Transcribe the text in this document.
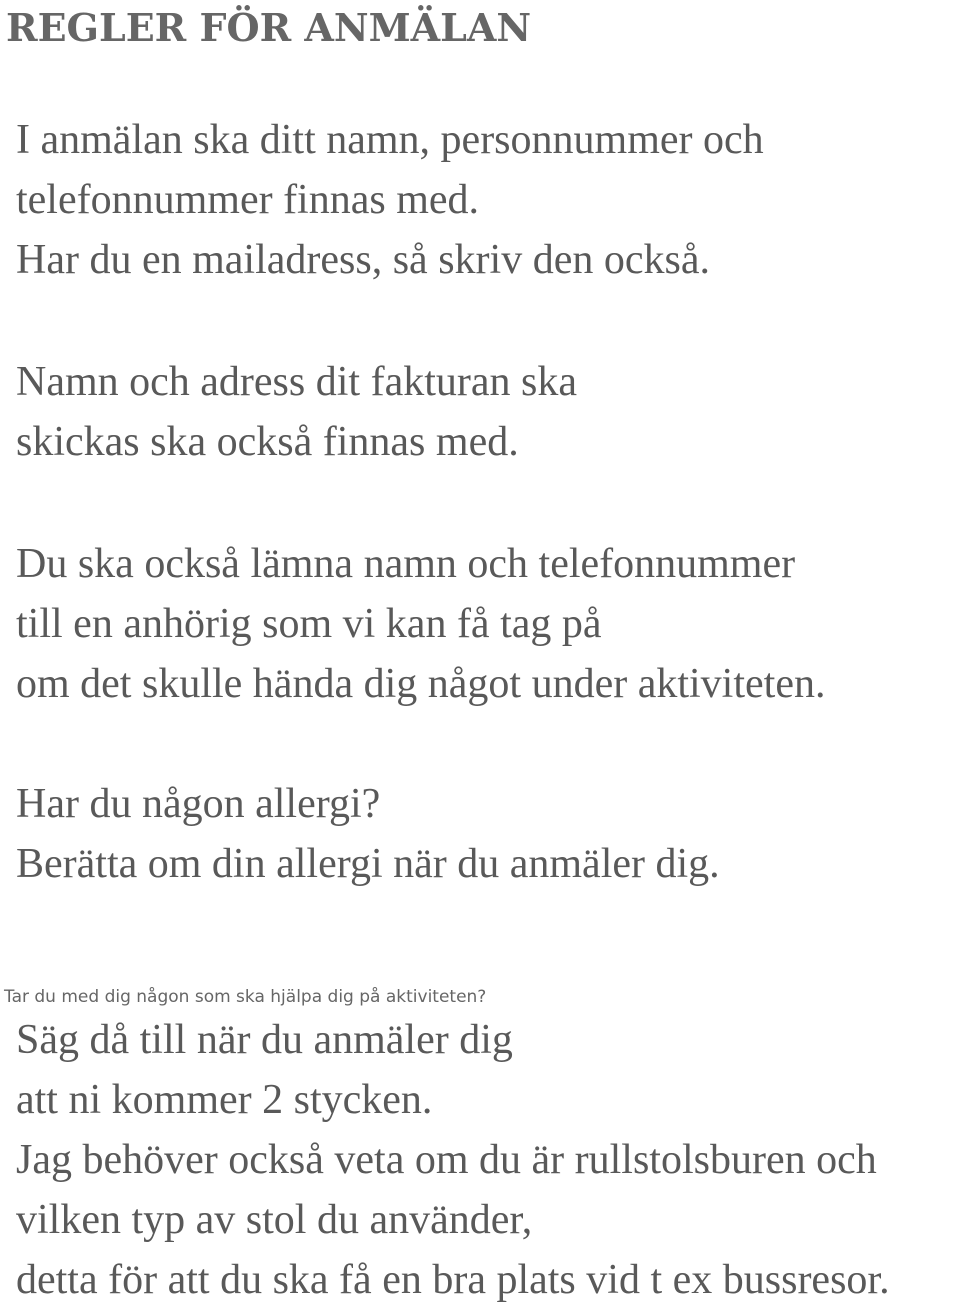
REGLER FÖR ANMÄLAN
I anmälan ska ditt namn, personnummer och
telefonnummer finnas med.
Har du en mailadress, så skriv den också.
Namn och adress dit fakturan ska
skickas ska också finnas med.
Du ska också lämna namn och telefonnummer
till en anhörig som vi kan få tag på
om det skulle hända dig något under aktiviteten.
Har du någon allergi?
Berätta om din allergi när du anmäler dig.

Tar du med dig någon som ska hjälpa dig på aktiviteten?

Säg då till när du anmäler dig
att ni kommer 2 stycken.
Jag behöver också veta om du är rullstolsburen och
vilken typ av stol du använder,
detta för att du ska få en bra plats vid t ex bussresor.
